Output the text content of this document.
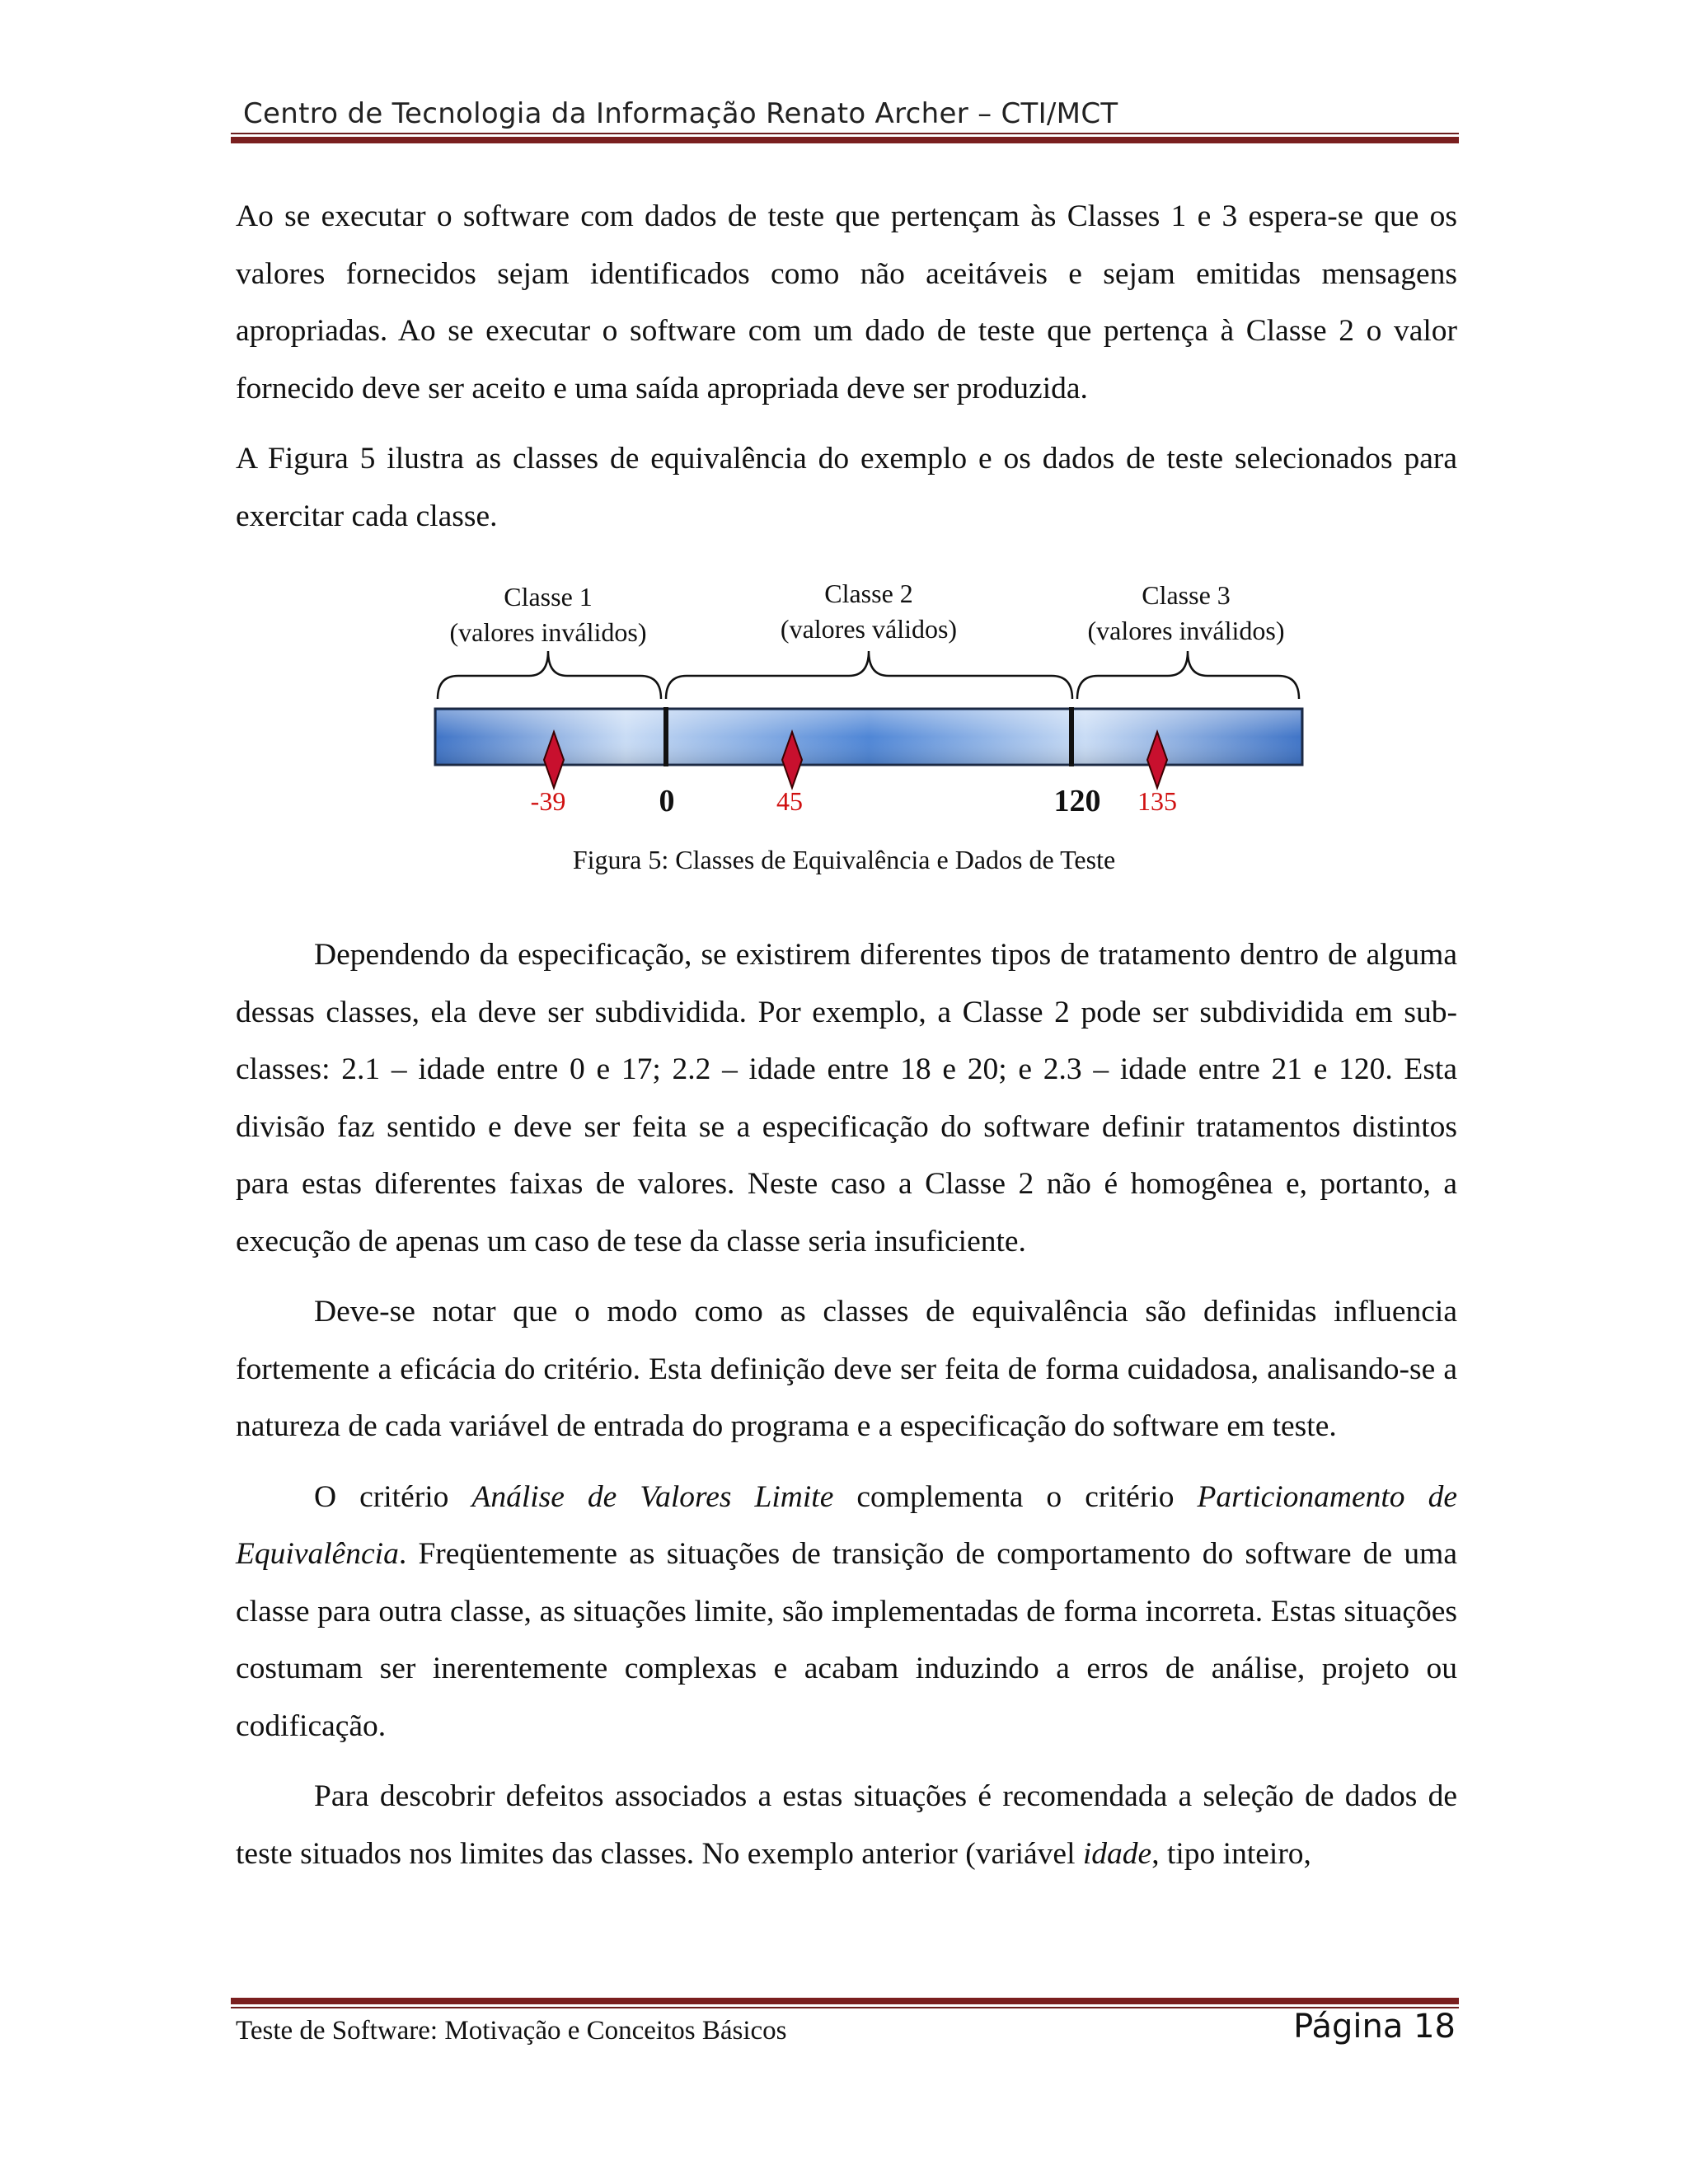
Centro de Tecnologia da Informação Renato Archer – CTI/MCT

Ao se executar o software com dados de teste que pertençam às Classes 1 e 3 espera-se que os valores fornecidos sejam identificados como não aceitáveis e sejam emitidas mensagens apropriadas. Ao se executar o software com um dado de teste que pertença à Classe 2 o valor fornecido deve ser aceito e uma saída apropriada deve ser produzida.

A Figura 5 ilustra as classes de equivalência do exemplo e os dados de teste selecionados para exercitar cada classe.

Classe 1
(valores inválidos)
Classe 2
(valores válidos)
Classe 3
(valores inválidos)
-39	0	45	120 135
Figura 5: Classes de Equivalência e Dados de Teste

Dependendo da especificação, se existirem diferentes tipos de tratamento dentro de alguma dessas classes, ela deve ser subdividida. Por exemplo, a Classe 2 pode ser subdividida em sub-classes: 2.1 – idade entre 0 e 17; 2.2 – idade entre 18 e 20; e 2.3 – idade entre 21 e 120. Esta divisão faz sentido e deve ser feita se a especificação do software definir tratamentos distintos para estas diferentes faixas de valores. Neste caso a Classe 2 não é homogênea e, portanto, a execução de apenas um caso de tese da classe seria insuficiente.

Deve-se notar que o modo como as classes de equivalência são definidas influencia fortemente a eficácia do critério. Esta definição deve ser feita de forma cuidadosa, analisando-se a natureza de cada variável de entrada do programa e a especificação do software em teste.

O critério Análise de Valores Limite complementa o critério Particionamento de Equivalência. Freqüentemente as situações de transição de comportamento do software de uma classe para outra classe, as situações limite, são implementadas de forma incorreta. Estas situações costumam ser inerentemente complexas e acabam induzindo a erros de análise, projeto ou codificação.

Para descobrir defeitos associados a estas situações é recomendada a seleção de dados de teste situados nos limites das classes. No exemplo anterior (variável idade, tipo inteiro,

Teste de Software: Motivação e Conceitos Básicos	Página 18
